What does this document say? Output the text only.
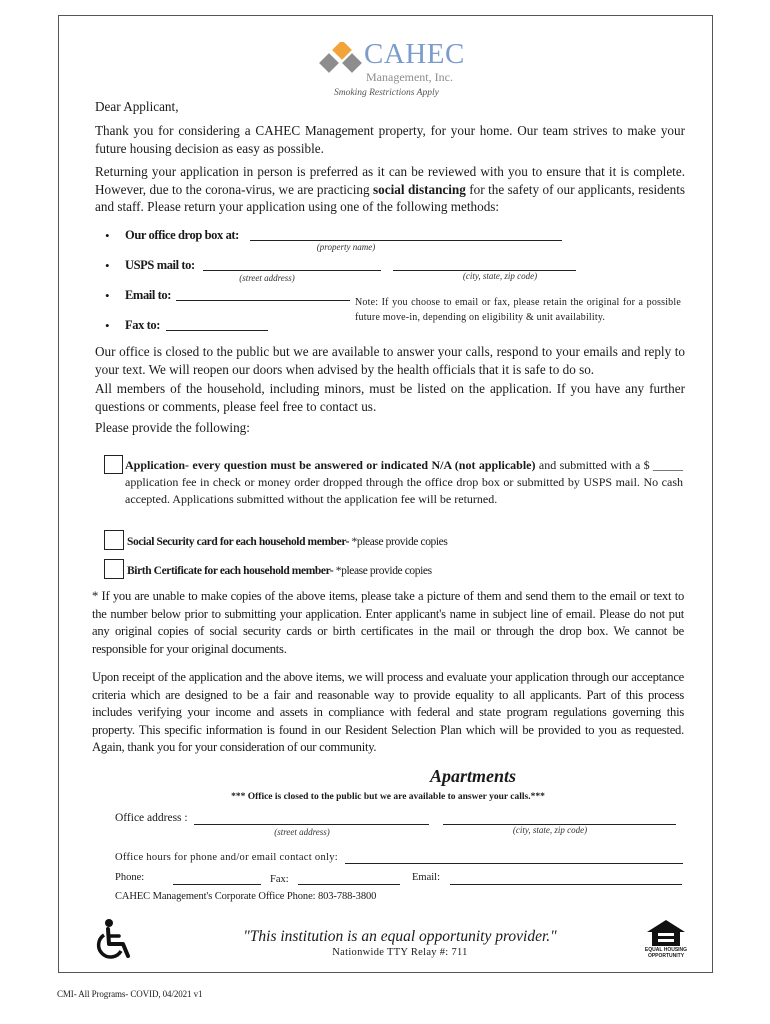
CAHEC
Management, Inc.
Smoking Restrictions Apply
Dear Applicant,
Thank you for considering a CAHEC Management property, for your home. Our team strives to make your future housing decision as easy as possible.
Returning your application in person is preferred as it can be reviewed with you to ensure that it is complete. However, due to the corona-virus, we are practicing social distancing for the safety of our applicants, residents and staff. Please return your application using one of the following methods:
• Our office drop box at:
(property name)
• USPS mail to:
(street address)	(city, state, zip code)
• Email to:
• Fax to:
Note: If you choose to email or fax, please retain the original for a possible future move-in, depending on eligibility & unit availability.
Our office is closed to the public but we are available to answer your calls, respond to your emails and reply to your text. We will reopen our doors when advised by the health officials that it is safe to do so.
All members of the household, including minors, must be listed on the application. If you have any further questions or comments, please feel free to contact us.
Please provide the following:
Application- every question must be answered or indicated N/A (not applicable) and submitted with a $ _____ application fee in check or money order dropped through the office drop box or submitted by USPS mail. No cash accepted. Applications submitted without the application fee will be returned.
Social Security card for each household member- *please provide copies
Birth Certificate for each household member- *please provide copies
* If you are unable to make copies of the above items, please take a picture of them and send them to the email or text to the number below prior to submitting your application. Enter applicant's name in subject line of email. Please do not put any original copies of social security cards or birth certificates in the mail or through the drop box. We cannot be responsible for your original documents.
Upon receipt of the application and the above items, we will process and evaluate your application through our acceptance criteria which are designed to be a fair and reasonable way to provide equality to all applicants. Part of this process includes verifying your income and assets in compliance with federal and state program regulations governing this property. This specific information is found in our Resident Selection Plan which will be provided to you as requested. Again, thank you for your consideration of our community.
Apartments
*** Office is closed to the public but we are available to answer your calls.***
Office address :
(street address)	(city, state, zip code)
Office hours for phone and/or email contact only:
Phone:	Fax:	Email:
CAHEC Management's Corporate Office Phone: 803-788-3800
"This institution is an equal opportunity provider."
Nationwide TTY Relay #: 711	EQUAL HOUSING
OPPORTUNITY
CMI- All Programs- COVID, 04/2021 v1
